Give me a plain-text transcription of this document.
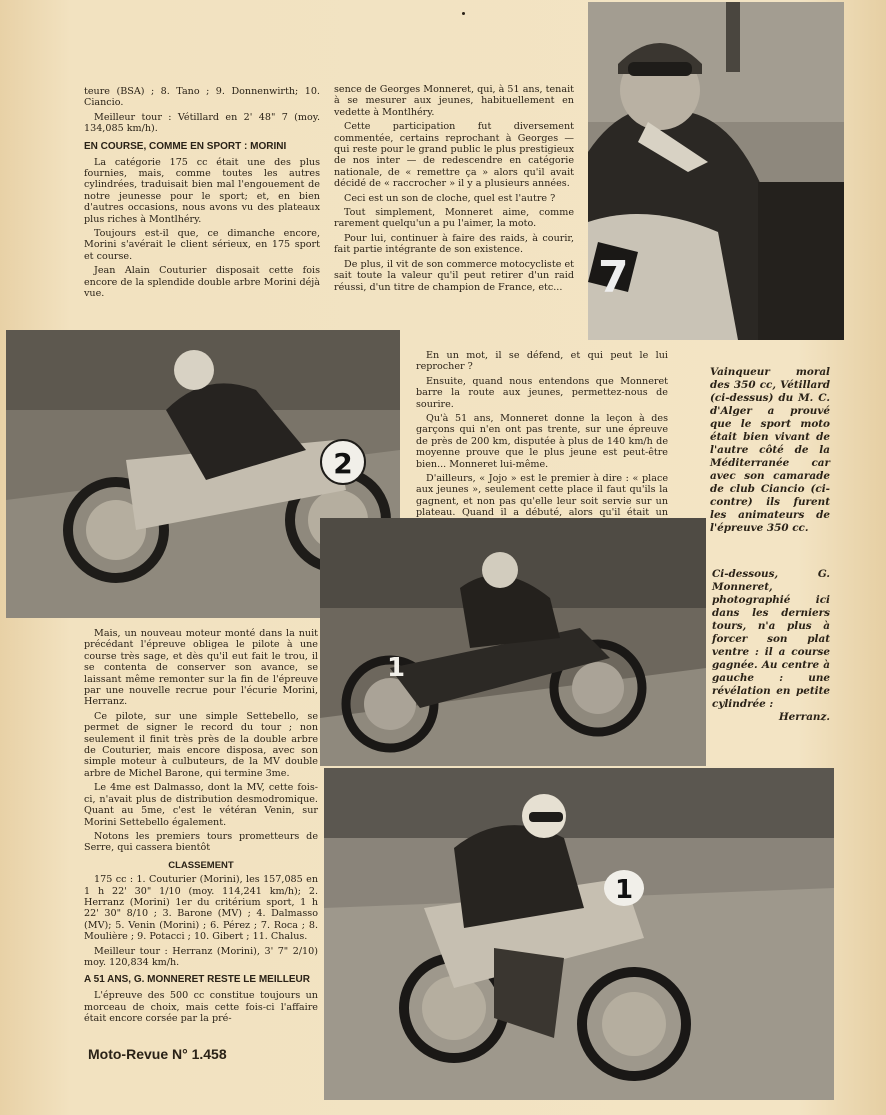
teure (BSA) ; 8. Tano ; 9. Donnenwirth; 10. Ciancio.

Meilleur tour : Vétillard en 2' 48" 7 (moy. 134,085 km/h).

EN COURSE, COMME EN SPORT : MORINI

La catégorie 175 cc était une des plus fournies, mais, comme toutes les autres cylindrées, traduisait bien mal l'engouement de notre jeunesse pour le sport; et, en bien d'autres occasions, nous avons vu des plateaux plus riches à Montlhéry.

Toujours est-il que, ce dimanche encore, Morini s'avérait le client sérieux, en 175 sport et course.

Jean Alain Couturier disposait cette fois encore de la splendide double arbre Morini déjà vue.

sence de Georges Monneret, qui, à 51 ans, tenait à se mesurer aux jeunes, habituellement en vedette à Montlhéry.

Cette participation fut diversement commentée, certains reprochant à Georges — qui reste pour le grand public le plus prestigieux de nos inter — de redescendre en catégorie nationale, de « remettre ça » alors qu'il avait décidé de « raccrocher » il y a plusieurs années.

Ceci est un son de cloche, quel est l'autre ?

Tout simplement, Monneret aime, comme rarement quelqu'un a pu l'aimer, la moto.

Pour lui, continuer à faire des raids, à courir, fait partie intégrante de son existence.

De plus, il vit de son commerce motocycliste et sait toute la valeur qu'il peut retirer d'un raid réussi, d'un titre de champion de France, etc... 7
2

En un mot, il se défend, et qui peut le lui reprocher ?

Ensuite, quand nous entendons que Monneret barre la route aux jeunes, permettez-nous de sourire.

Qu'à 51 ans, Monneret donne la leçon à des garçons qui n'en ont pas trente, sur une épreuve de près de 200 km, disputée à plus de 140 km/h de moyenne prouve que le plus jeune est peut-être bien... Monneret lui-même.

D'ailleurs, « Jojo » est le premier à dire : « place aux jeunes », seulement cette place il faut qu'ils la gagnent, et non pas qu'elle leur soit servie sur un plateau. Quand il a débuté, alors qu'il était un

Vainqueur moral des 350 cc, Vétillard (ci-dessus) du M. C. d'Alger a prouvé que le sport moto était bien vivant de l'autre côté de la Méditerranée car avec son camarade de club Ciancio (ci-contre) ils furent les animateurs de l'épreuve 350 cc.
1
Ci-dessous, G. Monneret, photographié ici dans les derniers tours, n'a plus à forcer son plat ventre : il a course gagnée. Au centre à gauche : une révélation en petite cylindrée :
Herranz.

Mais, un nouveau moteur monté dans la nuit précédant l'épreuve obligea le pilote à une course très sage, et dès qu'il eut fait le trou, il se contenta de conserver son avance, se laissant même remonter sur la fin de l'épreuve par une nouvelle recrue pour l'écurie Morini, Herranz.

Ce pilote, sur une simple Settebello, se permet de signer le record du tour ; non seulement il finit très près de la double arbre de Couturier, mais encore disposa, avec son simple moteur à culbuteurs, de la MV double arbre de Michel Barone, qui termine 3me.

Le 4me est Dalmasso, dont la MV, cette fois-ci, n'avait plus de distribution desmodromique. Quant au 5me, c'est le vétéran Venin, sur Morini Settebello également.

Notons les premiers tours prometteurs de Serre, qui cassera bientôt

CLASSEMENT

175 cc : 1. Couturier (Morini), les 157,085 en 1 h 22' 30" 1/10 (moy. 114,241 km/h); 2. Herranz (Morini) 1er du critérium sport, 1 h 22' 30" 8/10 ; 3. Barone (MV) ; 4. Dalmasso (MV); 5. Venin (Morini) ; 6. Pérez ; 7. Roca ; 8. Moulière ; 9. Potacci ; 10. Gibert ; 11. Chalus.

Meilleur tour : Herranz (Morini), 3' 7" 2/10) moy. 120,834 km/h.

A 51 ANS, G. MONNERET RESTE LE MEILLEUR

L'épreuve des 500 cc constitue toujours un morceau de choix, mais cette fois-ci l'affaire était encore corsée par la pré-

1
Moto-Revue N° 1.458
